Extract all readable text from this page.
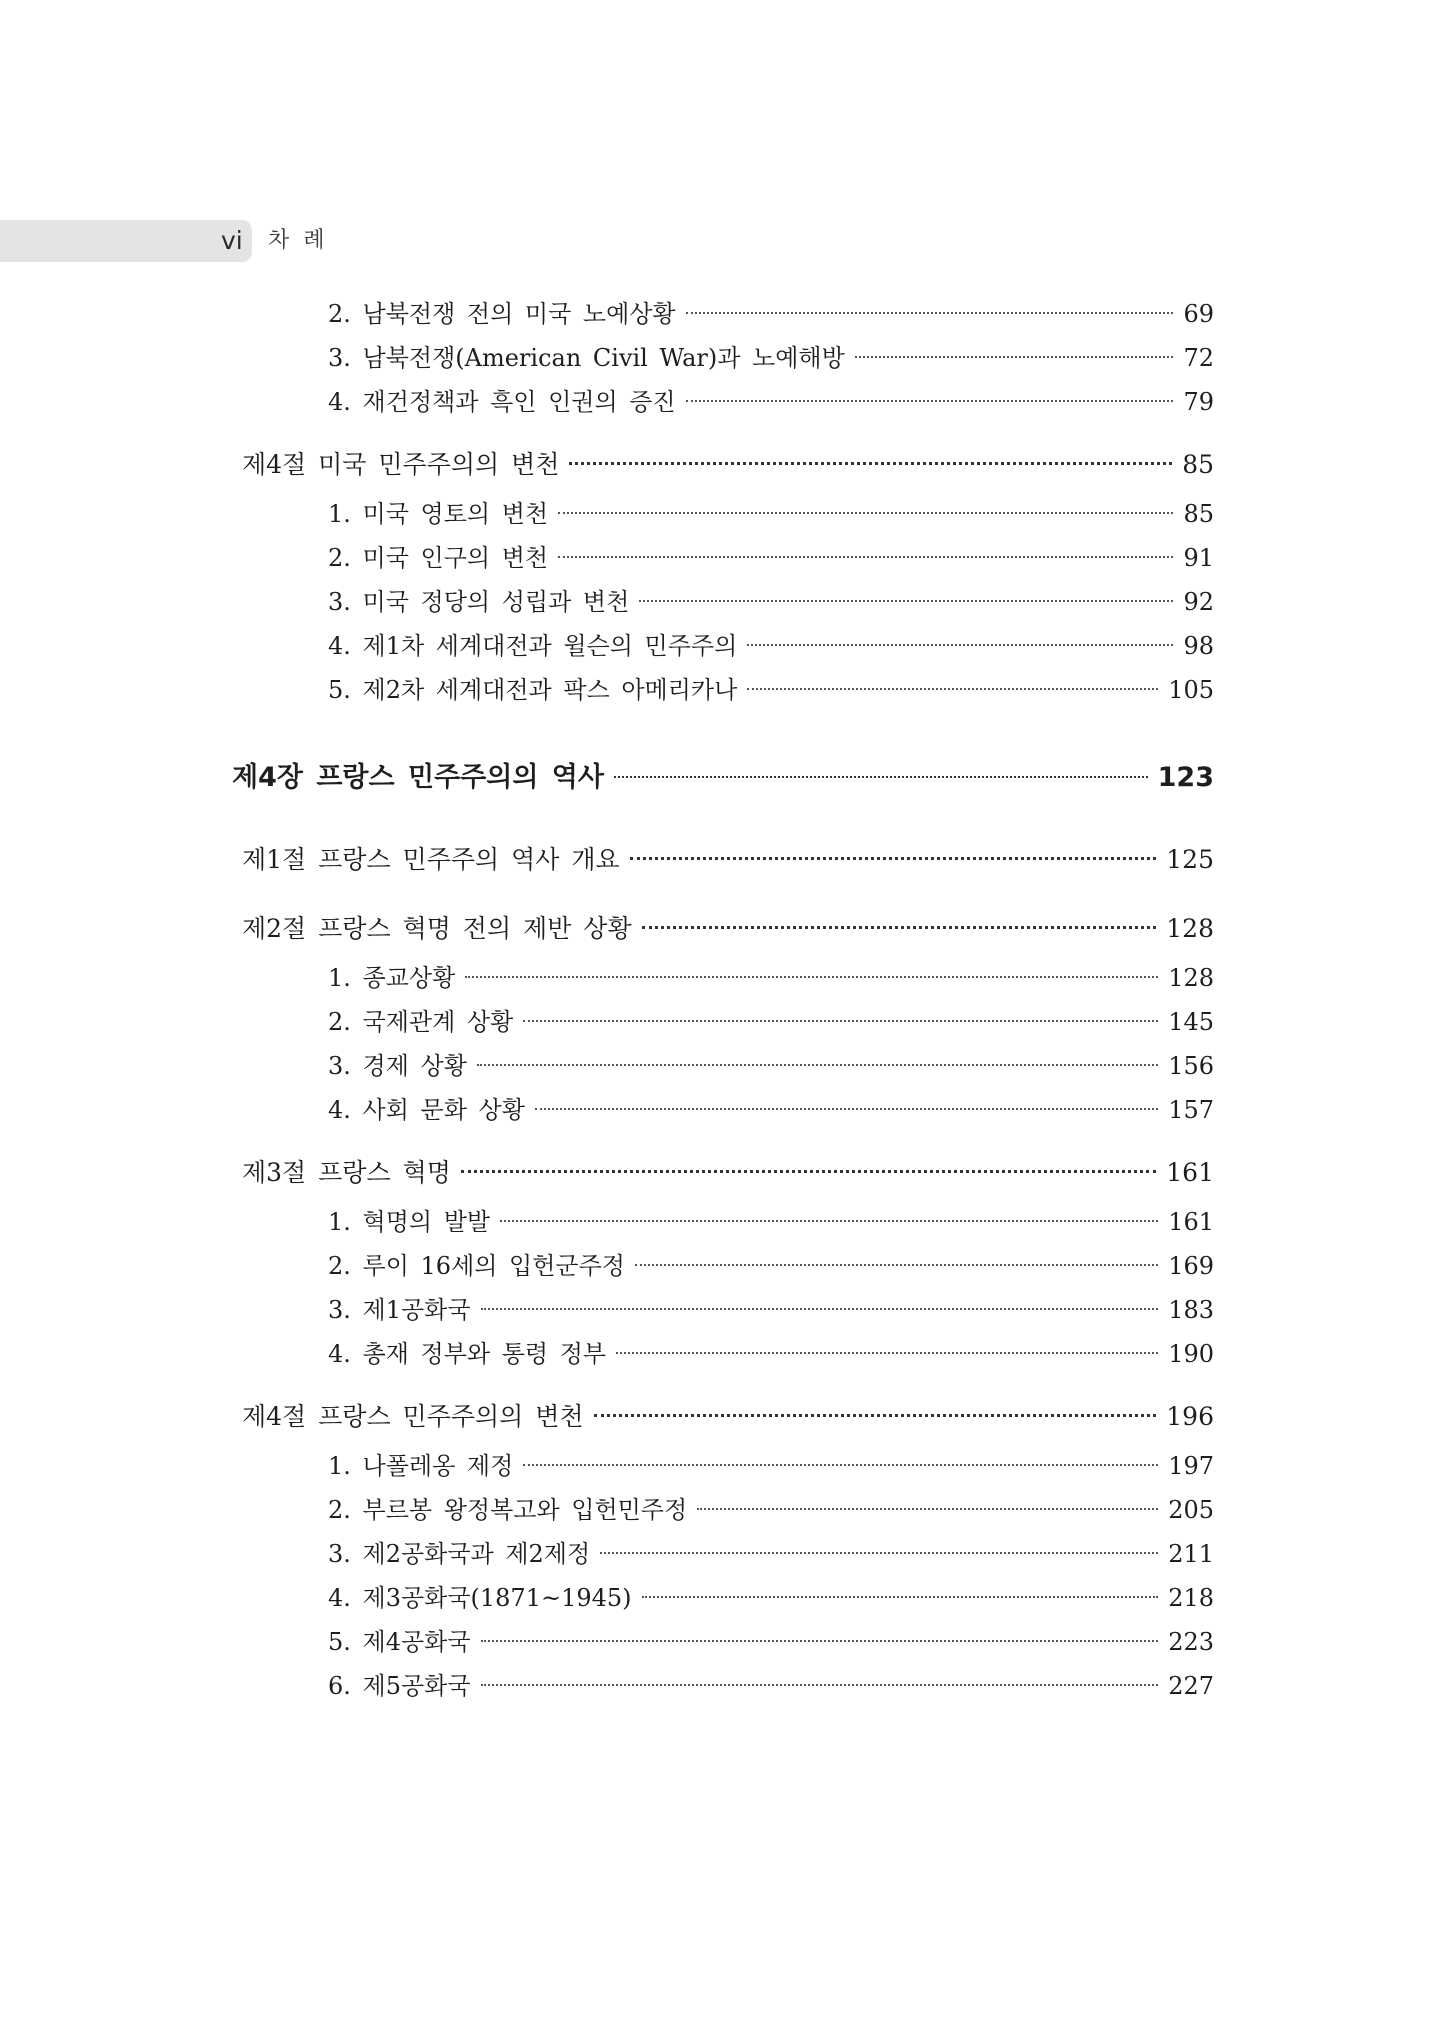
vi 차례
2. 남북전쟁 전의 미국 노예상황	69
3. 남북전쟁(American Civil War)과 노예해방	72
4. 재건정책과 흑인 인권의 증진	79
제4절 미국 민주주의의 변천	85
1. 미국 영토의 변천	85
2. 미국 인구의 변천	91
3. 미국 정당의 성립과 변천	92
4. 제1차 세계대전과 윌슨의 민주주의	98
5. 제2차 세계대전과 팍스 아메리카나	105
제4장 프랑스 민주주의의 역사	123
제1절 프랑스 민주주의 역사 개요	125
제2절 프랑스 혁명 전의 제반 상황	128
1. 종교상황	128
2. 국제관계 상황	145
3. 경제 상황	156
4. 사회 문화 상황	157
제3절 프랑스 혁명	161
1. 혁명의 발발	161
2. 루이 16세의 입헌군주정	169
3. 제1공화국	183
4. 총재 정부와 통령 정부	190
제4절 프랑스 민주주의의 변천	196
1. 나폴레옹 제정	197
2. 부르봉 왕정복고와 입헌민주정	205
3. 제2공화국과 제2제정	211
4. 제3공화국(1871~1945)	218
5. 제4공화국	223
6. 제5공화국	227
